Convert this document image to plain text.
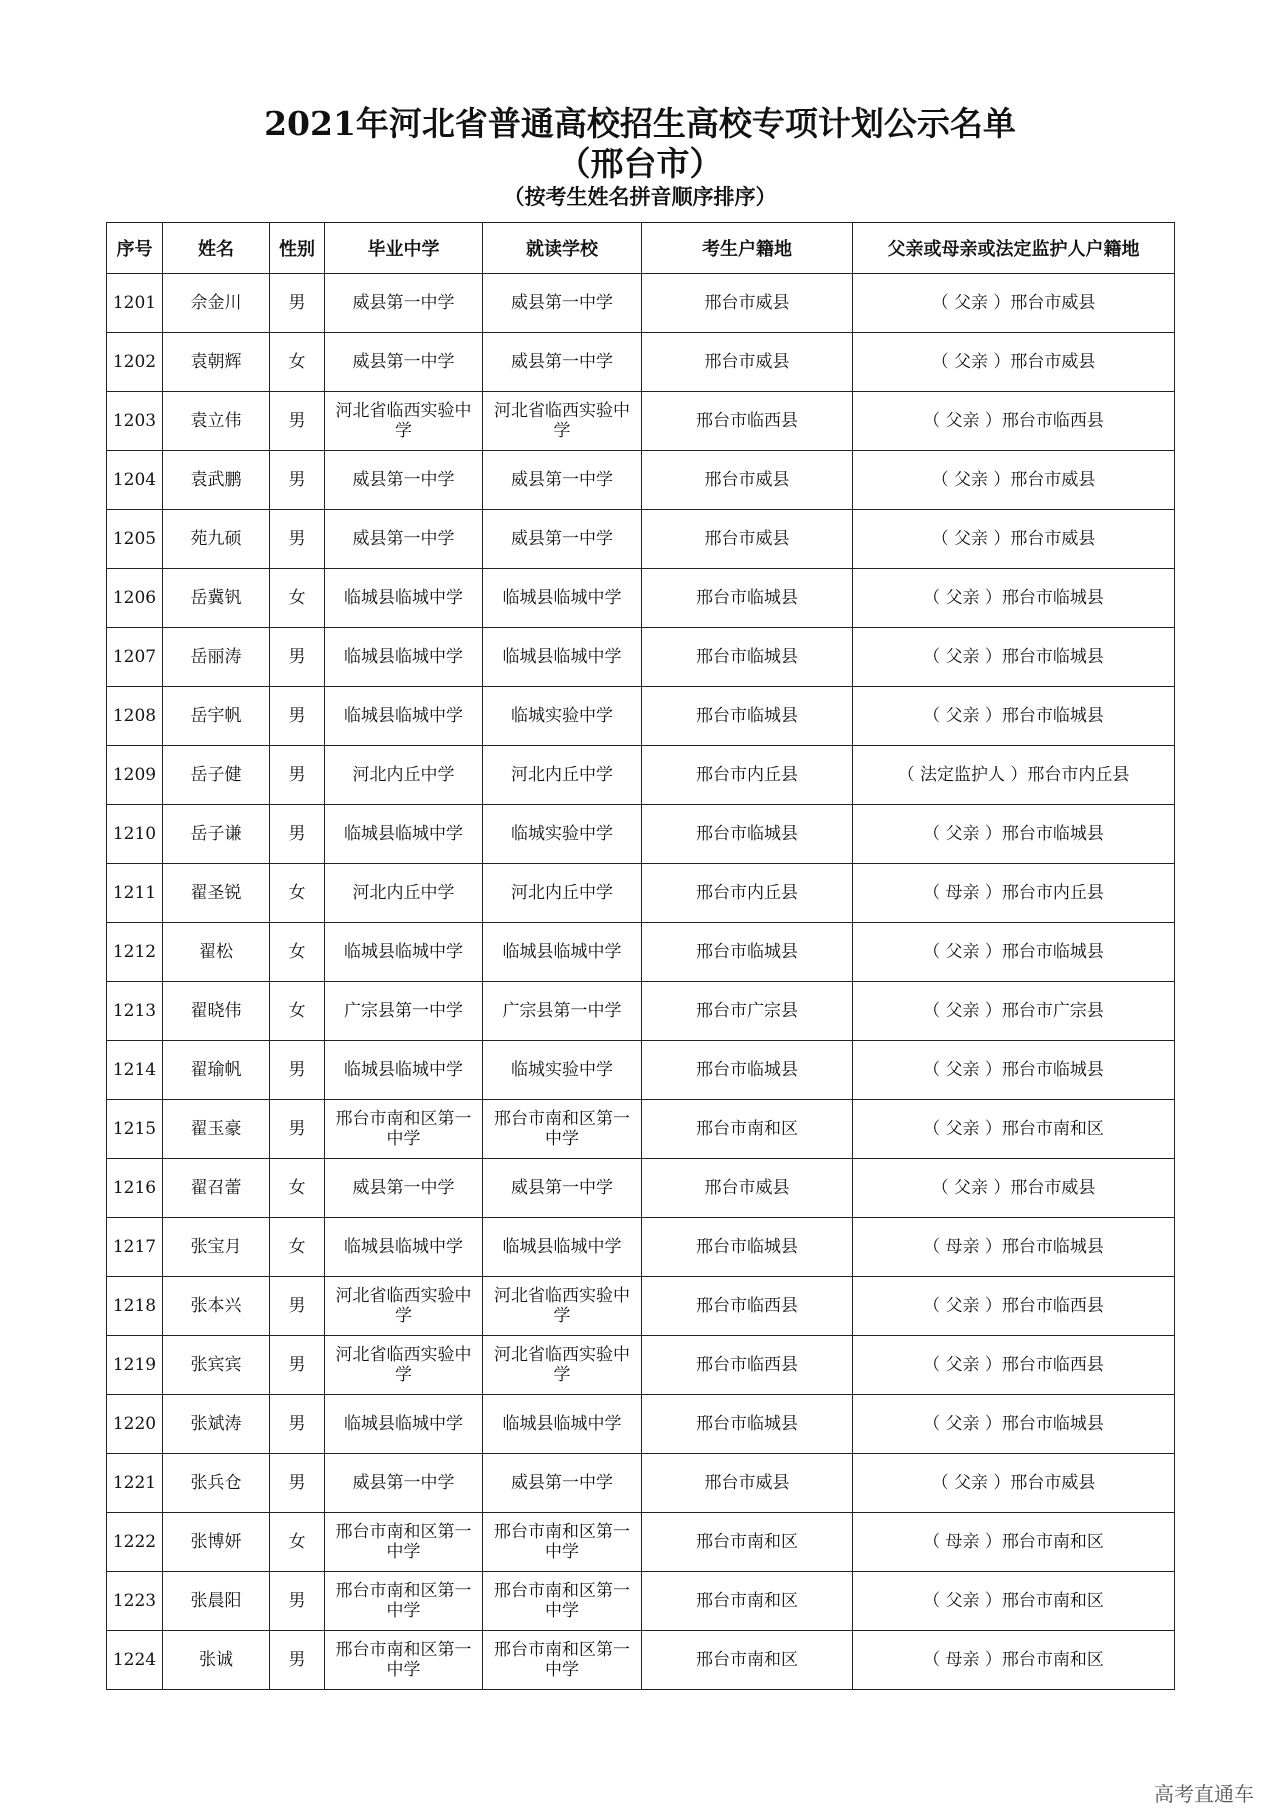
2021年河北省普通高校招生高校专项计划公示名单
（邢台市）
（按考生姓名拼音顺序排序）
序号	姓名	性别	毕业中学	就读学校	考生户籍地	父亲或母亲或法定监护人户籍地
1201	佘金川	男	威县第一中学	威县第一中学	邢台市威县	（ 父亲 ）邢台市威县
1202	袁朝辉	女	威县第一中学	威县第一中学	邢台市威县	（ 父亲 ）邢台市威县
1203	袁立伟	男	河北省临西实验中学	河北省临西实验中学	邢台市临西县	（ 父亲 ）邢台市临西县
1204	袁武鹏	男	威县第一中学	威县第一中学	邢台市威县	（ 父亲 ）邢台市威县
1205	苑九硕	男	威县第一中学	威县第一中学	邢台市威县	（ 父亲 ）邢台市威县
1206	岳冀钒	女	临城县临城中学	临城县临城中学	邢台市临城县	（ 父亲 ）邢台市临城县
1207	岳丽涛	男	临城县临城中学	临城县临城中学	邢台市临城县	（ 父亲 ）邢台市临城县
1208	岳宇帆	男	临城县临城中学	临城实验中学	邢台市临城县	（ 父亲 ）邢台市临城县
1209	岳子健	男	河北内丘中学	河北内丘中学	邢台市内丘县	（ 法定监护人 ）邢台市内丘县
1210	岳子谦	男	临城县临城中学	临城实验中学	邢台市临城县	（ 父亲 ）邢台市临城县
1211	翟圣锐	女	河北内丘中学	河北内丘中学	邢台市内丘县	（ 母亲 ）邢台市内丘县
1212	翟松	女	临城县临城中学	临城县临城中学	邢台市临城县	（ 父亲 ）邢台市临城县
1213	翟晓伟	女	广宗县第一中学	广宗县第一中学	邢台市广宗县	（ 父亲 ）邢台市广宗县
1214	翟瑜帆	男	临城县临城中学	临城实验中学	邢台市临城县	（ 父亲 ）邢台市临城县
1215	翟玉豪	男	邢台市南和区第一中学	邢台市南和区第一中学	邢台市南和区	（ 父亲 ）邢台市南和区
1216	翟召蕾	女	威县第一中学	威县第一中学	邢台市威县	（ 父亲 ）邢台市威县
1217	张宝月	女	临城县临城中学	临城县临城中学	邢台市临城县	（ 母亲 ）邢台市临城县
1218	张本兴	男	河北省临西实验中学	河北省临西实验中学	邢台市临西县	（ 父亲 ）邢台市临西县
1219	张宾宾	男	河北省临西实验中学	河北省临西实验中学	邢台市临西县	（ 父亲 ）邢台市临西县
1220	张斌涛	男	临城县临城中学	临城县临城中学	邢台市临城县	（ 父亲 ）邢台市临城县
1221	张兵仓	男	威县第一中学	威县第一中学	邢台市威县	（ 父亲 ）邢台市威县
1222	张博妍	女	邢台市南和区第一中学	邢台市南和区第一中学	邢台市南和区	（ 母亲 ）邢台市南和区
1223	张晨阳	男	邢台市南和区第一中学	邢台市南和区第一中学	邢台市南和区	（ 父亲 ）邢台市南和区
1224	张诚	男	邢台市南和区第一中学	邢台市南和区第一中学	邢台市南和区	（ 母亲 ）邢台市南和区
高考直通车
